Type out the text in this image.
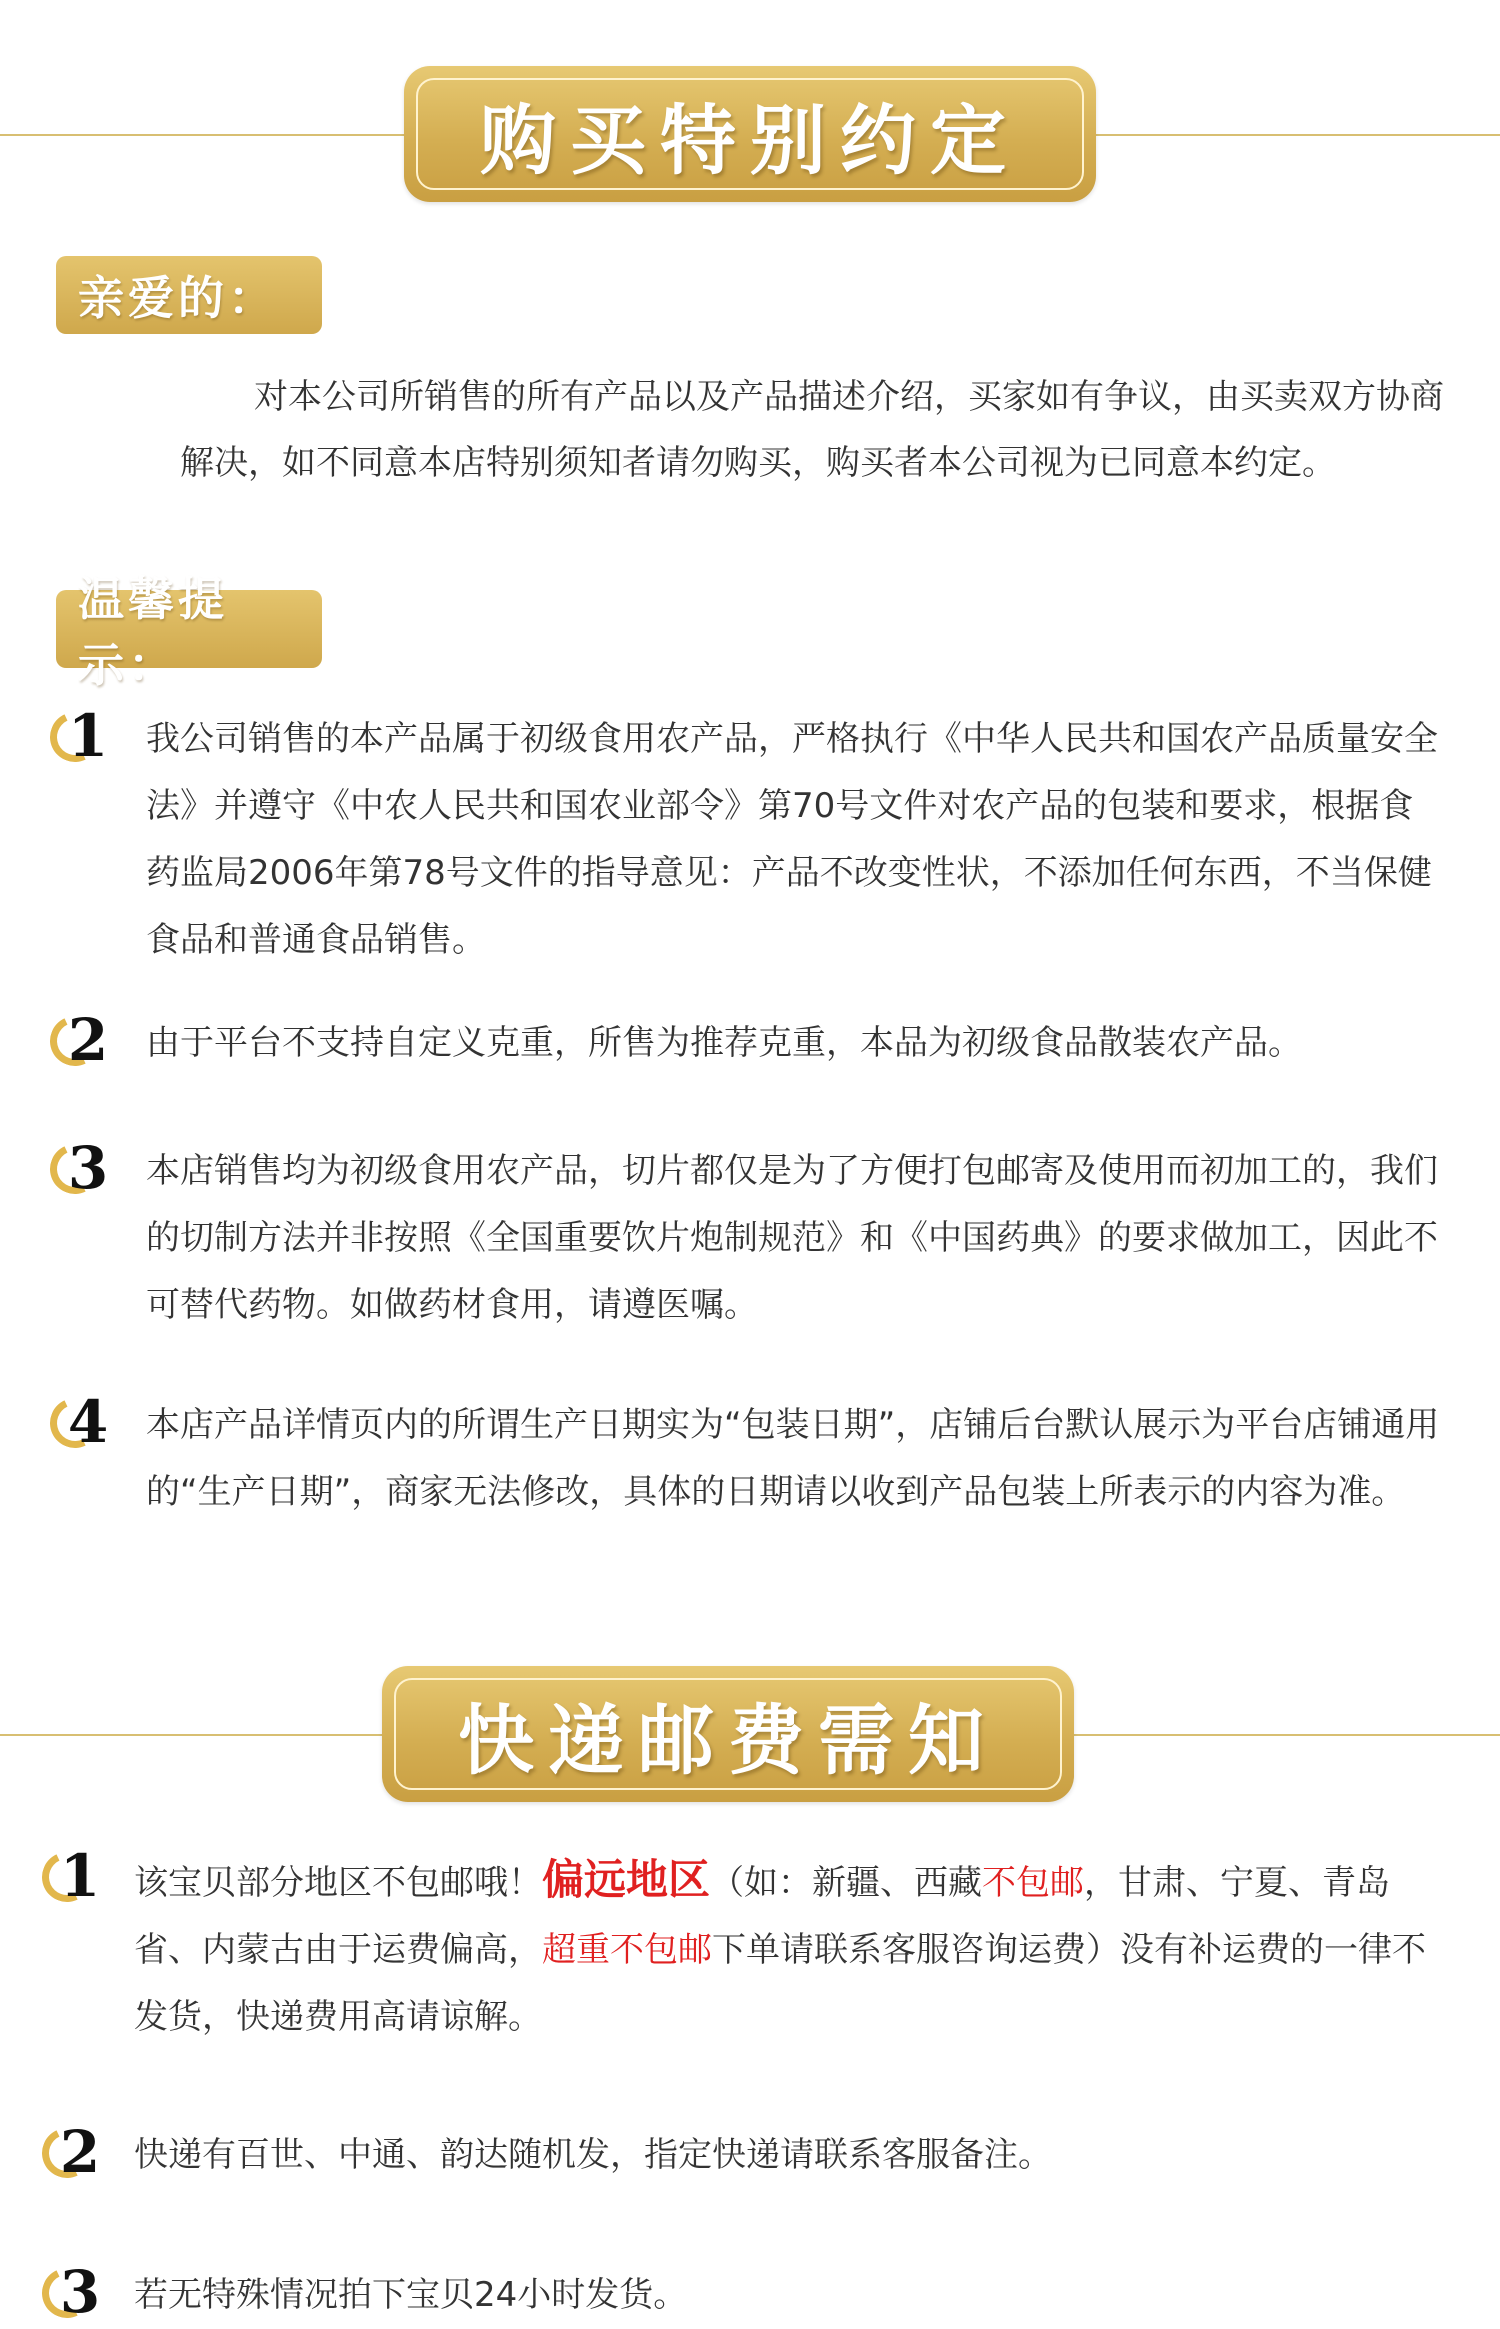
购买特别约定
亲爱的：

对本公司所销售的所有产品以及产品描述介绍，买家如有争议，由买卖双方协商解决，如不同意本店特别须知者请勿购买，购买者本公司视为已同意本约定。

温馨提示：
1 我公司销售的本产品属于初级食用农产品，严格执行《中华人民共和国农产品质量安全法》并遵守《中农人民共和国农业部令》第70号文件对农产品的包装和要求，根据食药监局2006年第78号文件的指导意见：产品不改变性状，不添加任何东西，不当保健食品和普通食品销售。

2 由于平台不支持自定义克重，所售为推荐克重，本品为初级食品散装农产品。

3 本店销售均为初级食用农产品，切片都仅是为了方便打包邮寄及使用而初加工的，我们的切制方法并非按照《全国重要饮片炮制规范》和《中国药典》的要求做加工，因此不可替代药物。如做药材食用，请遵医嘱。

4 本店产品详情页内的所谓生产日期实为“包装日期”，店铺后台默认展示为平台店铺通用的“生产日期”，商家无法修改，具体的日期请以收到产品包装上所表示的内容为准。

快递邮费需知
1 该宝贝部分地区不包邮哦！偏远地区（如：新疆、西藏不包邮，甘肃、宁夏、青岛省、内蒙古由于运费偏高，超重不包邮下单请联系客服咨询运费）没有补运费的一律不发货，快递费用高请谅解。

2 快递有百世、中通、韵达随机发，指定快递请联系客服备注。

3 若无特殊情况拍下宝贝24小时发货。
